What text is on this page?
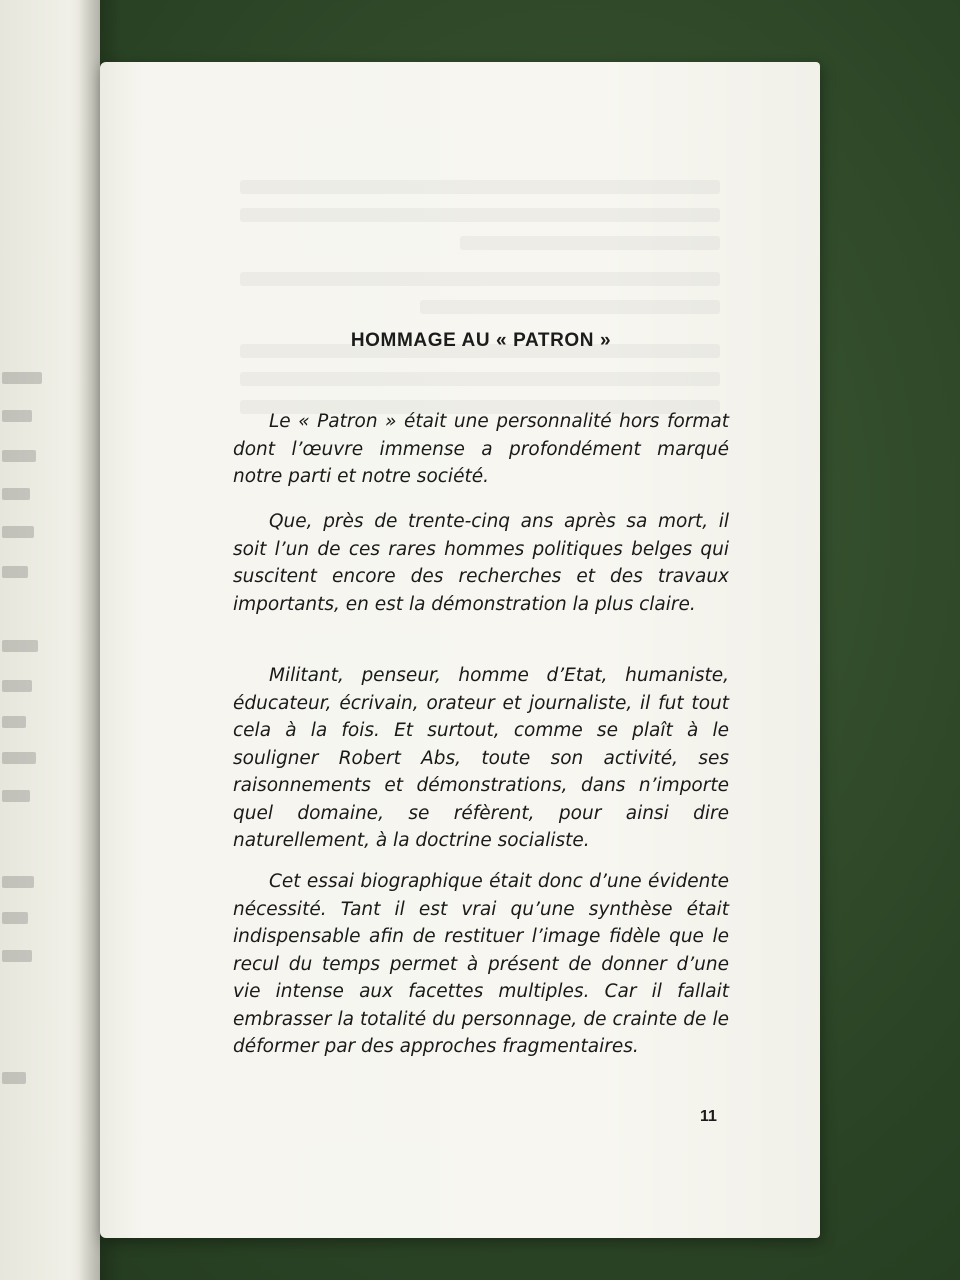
HOMMAGE AU « PATRON »

Le « Patron » était une personnalité hors format dont l’œuvre immense a profondément marqué notre parti et notre société.

Que, près de trente-cinq ans après sa mort, il soit l’un de ces rares hommes politiques belges qui suscitent encore des recherches et des travaux importants, en est la démonstration la plus claire.

Militant, penseur, homme d’Etat, humaniste, éducateur, écrivain, orateur et journaliste, il fut tout cela à la fois. Et surtout, comme se plaît à le souligner Robert Abs, toute son activité, ses raisonnements et démonstrations, dans n’importe quel domaine, se réfèrent, pour ainsi dire naturellement, à la doctrine socialiste.

Cet essai biographique était donc d’une évidente nécessité. Tant il est vrai qu’une synthèse était indispensable afin de restituer l’image fidèle que le recul du temps permet à présent de donner d’une vie intense aux facettes multiples. Car il fallait embrasser la totalité du personnage, de crainte de le déformer par des approches fragmentaires.

11
